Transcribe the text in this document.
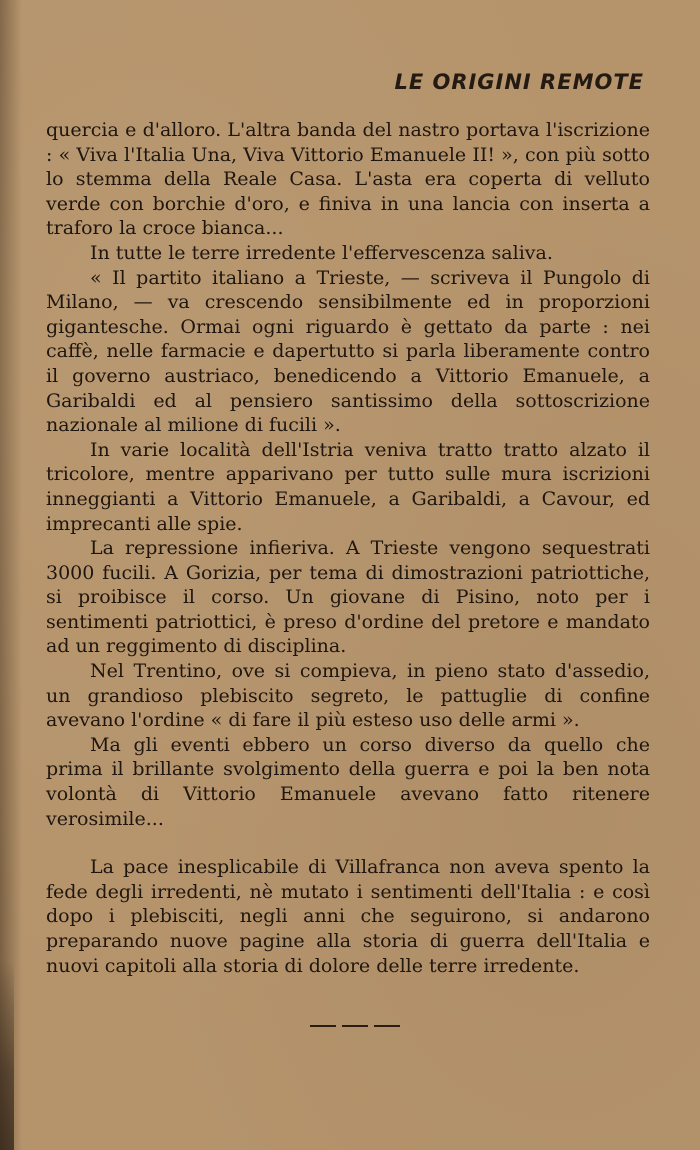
LE ORIGINI REMOTE

quercia e d'alloro. L'altra banda del nastro portava l'iscrizione : « Viva l'Italia Una, Viva Vittorio Emanuele II! », con più sotto lo stemma della Reale Casa. L'asta era coperta di velluto verde con borchie d'oro, e finiva in una lancia con inserta a traforo la croce bianca...

In tutte le terre irredente l'effervescenza saliva.

« Il partito italiano a Trieste, — scriveva il Pungolo di Milano, — va crescendo sensibilmente ed in proporzioni gigantesche. Ormai ogni riguardo è gettato da parte : nei caffè, nelle farmacie e dapertutto si parla liberamente contro il governo austriaco, benedicendo a Vittorio Emanuele, a Garibaldi ed al pensiero santissimo della sottoscrizione nazionale al milione di fucili ».

In varie località dell'Istria veniva tratto tratto alzato il tricolore, mentre apparivano per tutto sulle mura iscrizioni inneggianti a Vittorio Emanuele, a Garibaldi, a Cavour, ed imprecanti alle spie.

La repressione infieriva. A Trieste vengono sequestrati 3000 fucili. A Gorizia, per tema di dimostrazioni patriottiche, si proibisce il corso. Un giovane di Pisino, noto per i sentimenti patriottici, è preso d'ordine del pretore e mandato ad un reggimento di disciplina.

Nel Trentino, ove si compieva, in pieno stato d'assedio, un grandioso plebiscito segreto, le pattuglie di confine avevano l'ordine « di fare il più esteso uso delle armi ».

Ma gli eventi ebbero un corso diverso da quello che prima il brillante svolgimento della guerra e poi la ben nota volontà di Vittorio Emanuele avevano fatto ritenere verosimile...

La pace inesplicabile di Villafranca non aveva spento la fede degli irredenti, nè mutato i sentimenti dell'Italia : e così dopo i plebisciti, negli anni che seguirono, si andarono preparando nuove pagine alla storia di guerra dell'Italia e nuovi capitoli alla storia di dolore delle terre irredente.
